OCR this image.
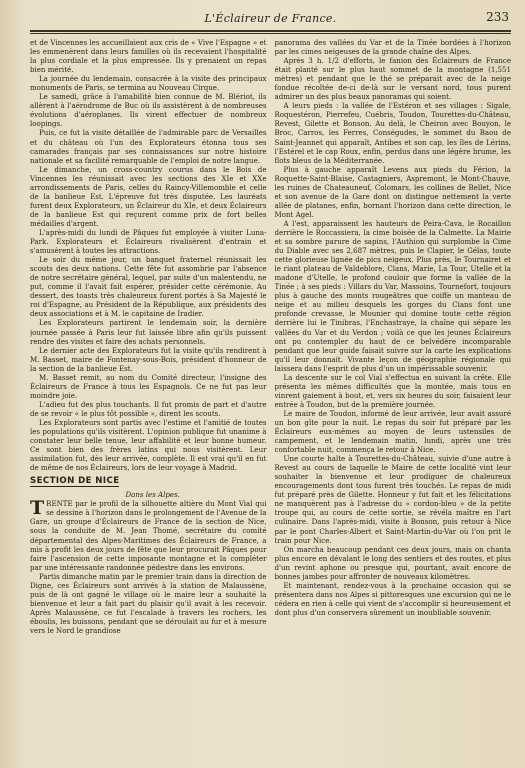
L'Éclaireur de France.	233

et de Vincennes les accueillaient aux cris de « Vive l'Espagne » et les emmenèrent dans leurs familles où ils recevaient l'hospitalité la plus cordiale et la plus empressée. Ils y prenaient un repas bien mérité.

La journée du lendemain, consacrée à la visite des principaux monuments de Paris, se termina au Nouveau Cirque.

Le samedi, grâce à l'amabilité bien connue de M. Blériot, ils allèrent à l'aérodrome de Buc où ils assistèrent à de nombreuses évolutions d'aéroplanes. Ils virent effectuer de nombreux loopings.

Puis, ce fut la visite détaillée de l'admirable parc de Versailles et du château où l'un des Explorateurs étonna tous ses camarades français par ses connaissances sur notre histoire nationale et sa facilité remarquable de l'emploi de notre langue.

Le dimanche, un cross-country courus dans le Bois de Vincennes les réunissait avec les sections des XIe et XXe arrondissements de Paris, celles du Raincy-Villemomble et celle de la banlieue Est. L'épreuve fut très disputée. Les lauréats furent deux Explorateurs, un Éclaireur du XIe, et deux Éclaireurs de la banlieue Est qui reçurent comme prix de fort belles médailles d'argent.

L'après-midi du lundi de Pâques fut employée à visiter Luna-Park. Explorateurs et Éclaireurs rivalisèrent d'entrain et s'amusèrent à toutes les attractions.

Le soir du même jour, un banquet fraternel réunissait les scouts des deux nations. Cette fête fut assombrie par l'absence de notre secrétaire général, lequel, par suite d'un malentendu, ne put, comme il l'avait fait espérer, présider cette cérémonie. Au dessert, des toasts très chaleureux furent portés à Sa Majesté le roi d'Espagne, au Président de la République, aux présidents des deux associations et à M. le capitaine de Iradier.

Les Explorateurs partirent le lendemain soir, la dernière journée passée à Paris leur fut laissée libre afin qu'ils puissent rendre des visites et faire des achats personnels.

Le dernier acte des Explorateurs fut la visite qu'ils rendirent à M. Basset, maire de Fontenay-sous-Bois, président d'honneur de la section de la banlieue Est.

M. Basset remit, au nom du Comité directeur, l'insigne des Éclaireurs de France à tous les Espagnols. Ce ne fut pas leur moindre joie.

L'adieu fut des plus touchants. Il fut promis de part et d'autre de se revoir « le plus tôt possible », dirent les scouts.

Les Explorateurs sont partis avec l'estime et l'amitié de toutes les populations qu'ils visitèrent. L'opinion publique fut unanime à constater leur belle tenue, leur affabilité et leur bonne humeur. Ce sont bien des frères latins qui nous visitèrent. Leur assimilation fut, dès leur arrivée, complète. Il est vrai qu'il en fut de même de nos Éclaireurs, lors de leur voyage à Madrid.

SECTION DE NICE

Dans les Alpes.

TRENTE par le profil de la silhouette altière du Mont Vial qui se dessine à l'horizon dans le prolongement de l'Avenue de la Gare, un groupe d'Éclaireurs de France de la section de Nice, sous la conduite de M. Jean Thomé, secrétaire du comité départemental des Alpes-Maritimes des Éclaireurs de France, a mis à profit les deux jours de fête que leur procurait Pâques pour faire l'ascension de cette imposante montagne et la compléter par une intéressante randonnée pédestre dans les environs.

Partis dimanche matin par le premier train dans la direction de Digne, ces Éclaireurs sont arrivés à la station de Malaussène, puis de là ont gagné le village où le maire leur a souhaité la bienvenue et leur a fait part du plaisir qu'il avait à les recevoir. Après Malaussène, ce fut l'escalade à travers les rochers, les éboulis, les buissons, pendant que se déroulait au fur et à mesure vers le Nord le grandiose

panorama des vallées du Var et de la Tinée bordées à l'horizon par les cimes neigeuses de la grande chaîne des Alpes.

Après 3 h. 1/2 d'efforts, le fanion des Éclaireurs de France était planté sur le plus haut sommet de la montagne (1,551 mètres) et pendant que le thé se préparait avec de la neige fondue récoltée de-ci de-là sur le versant nord, tous purent admirer un des plus beaux panoramas qui soient.

A leurs pieds : la vallée de l'Estéron et ses villages : Sigale, Roquestéron, Pierrefeu, Cuébris, Toudon, Tourettes-du-Château, Revest, Gilette et Bonson. Au delà, le Cheiron avec Bouyon, le Broc, Carros, les Ferres, Conségudes, le sommet du Baou de Saint-Jeannet qui apparaît, Antibes et son cap, les îles de Lérins, l'Estérel et le cap Roux, enfin, perdus dans une légère brume, les flots bleus de la Méditerranée.

Plus à gauche apparaît Levens aux pieds du Férion, la Roquette-Saint-Blaise, Castagniers, Aspremont, le Mont-Chauve, les ruines de Chateauneuf, Colomars, les collines de Bellet, Nice et son avenue de la Gare dont on distingue nettement la verte allée de platanes, enfin, bornant l'horizon dans cette direction, le Mont Agel.

A l'est, apparaissent les hauteurs de Peira-Cava, le Rocaillon derrière le Roccassiera, la cime boisée de la Calmette. La Mairie et sa sombre parure de sapins, l'Authion qui surplombe la Cime du Diable avec ses 2,687 mètres, puis le Clapier, le Gélas, toute cette glorieuse lignée de pics neigeux. Plus près, le Tournairet et le riant plateau de Valdeblore, Clans, Marie, La Tour, Utelle et la madone d'Utelle, le profond couloir que forme la vallée de la Tinée ; à ses pieds : Villars du Var, Massoins, Tournefort, toujours plus à gauche des monts rougeâtres que coiffe un manteau de neige et au milieu desquels les gorges du Cians font une profonde crevasse, le Mounier qui domine toute cette région derrière lui le Tinibras, l'Enchastraye, la chaîne qui sépare les vallées du Var et du Verdon ; voilà ce que les jeunes Éclaireurs ont pu contempler du haut de ce belvédère incomparable pendant que leur guide faisait suivre sur la carte les explications qu'il leur donnait. Vivante leçon de géographie régionale qui laissera dans l'esprit de plus d'un un impérissable souvenir.

La descente sur le col Vial s'effectua en suivant la crête. Elle présenta les mêmes difficultés que la montée, mais tous en vinrent gaiement à bout, et, vers six heures du soir, faisaient leur entrée à Toudon, but de la première journée.

Le maire de Toudon, informé de leur arrivée, leur avait assuré un bon gîte pour la nuit. Le repas du soir fut préparé par les Éclaireurs eux-mêmes au moyen de leurs ustensiles de campement, et le lendemain matin, lundi, après une très confortable nuit, commença le retour à Nice.

Une courte halte à Tourettes-du-Château, suivie d'une autre à Revest au cours de laquelle le Maire de cette localité vint leur souhaiter la bienvenue et leur prodiguer de chaleureux encouragements dont tous furent très touchés. Le repas de midi fut préparé près de Gilette. Honneur y fut fait et les félicitations ne manquèrent pas à l'adresse du « cordon-bleu » de la petite troupe qui, au cours de cette sortie, se révéla maître en l'art culinaire. Dans l'après-midi, visite à Bonson, puis retour à Nice par le pont Charles-Albert et Saint-Martin-du-Var où l'on prit le train pour Nice.

On marcha beaucoup pendant ces deux jours, mais on chanta plus encore en dévalant le long des sentiers et des routes, et plus d'un revint aphone ou presque qui, pourtant, avait encore de bonnes jambes pour affronter de nouveaux kilomètres.

Et maintenant, rendez-vous à la prochaine occasion qui se présentera dans nos Alpes si pittoresques une excursion qui ne le cédera en rien à celle qui vient de s'accomplir si heureusement et dont plus d'un conservera sûrement un inoubliable souvenir.
